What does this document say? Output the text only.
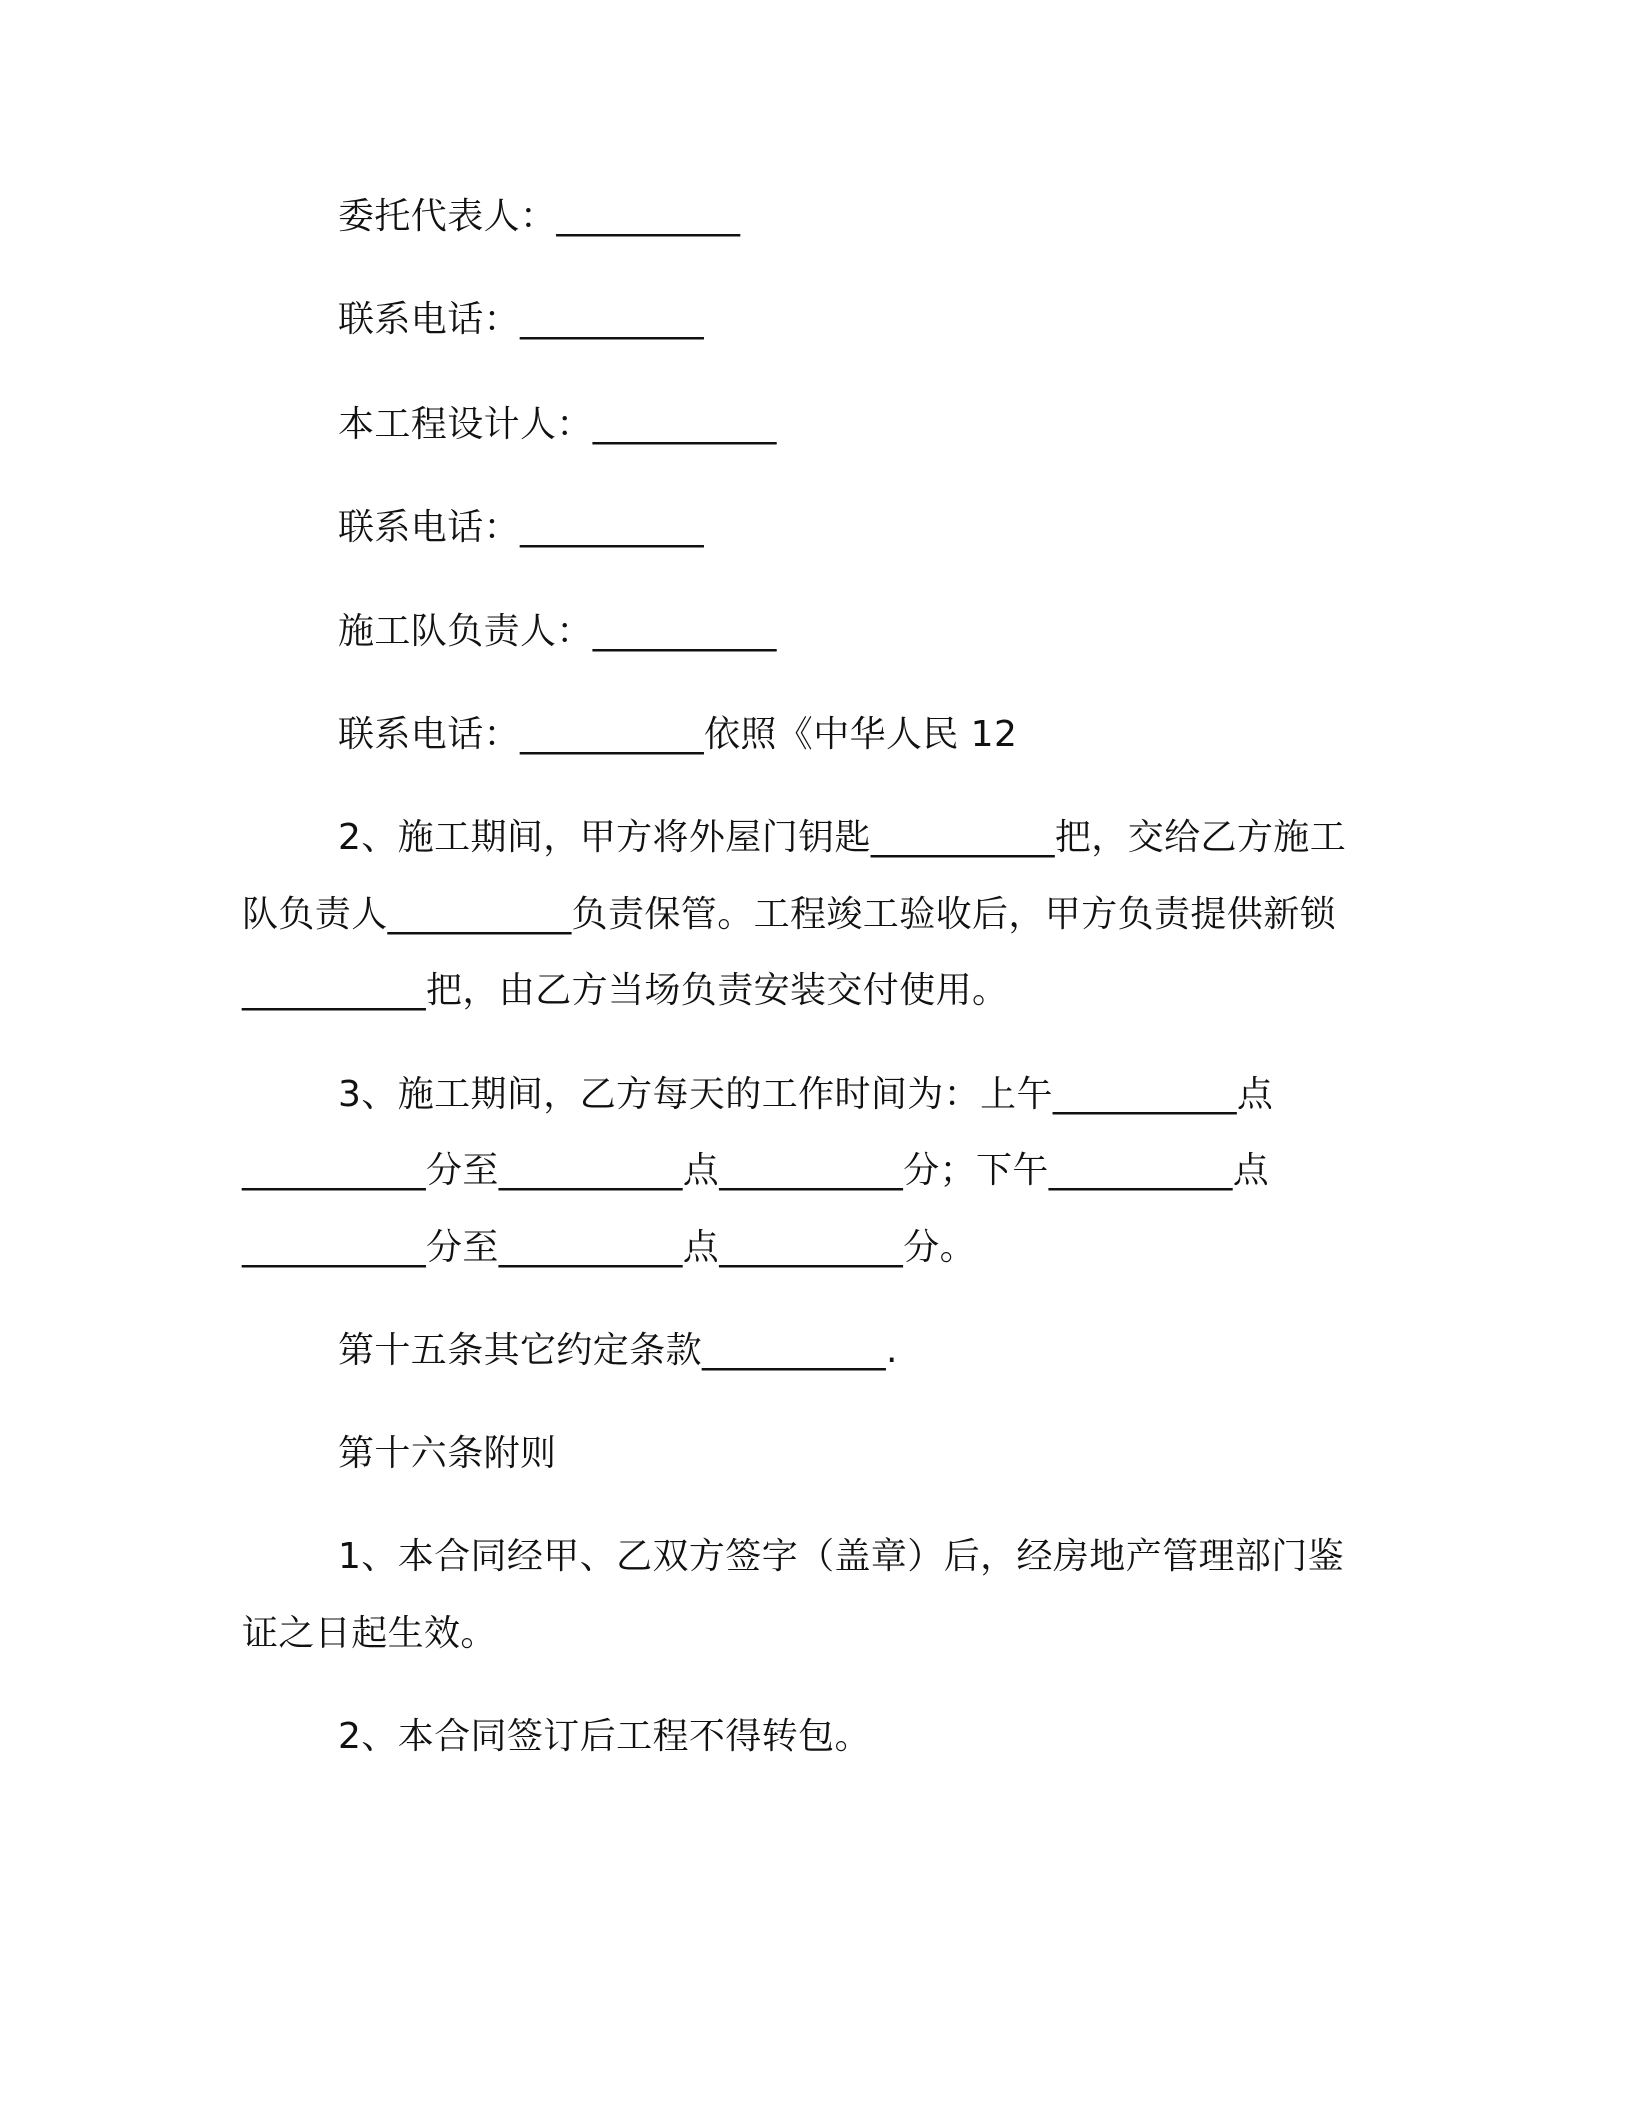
委托代表人：__________
联系电话：__________
本工程设计人：__________
联系电话：__________
施工队负责人：__________
联系电话：__________依照《中华人民 12
2、施工期间，甲方将外屋门钥匙__________把，交给乙方施工
队负责人__________负责保管。工程竣工验收后，甲方负责提供新锁
__________把，由乙方当场负责安装交付使用。
3、施工期间，乙方每天的工作时间为：上午__________点
__________分至__________点__________分；下午__________点
__________分至__________点__________分。
第十五条其它约定条款__________.
第十六条附则
1、本合同经甲、乙双方签字（盖章）后，经房地产管理部门鉴
证之日起生效。
2、本合同签订后工程不得转包。
